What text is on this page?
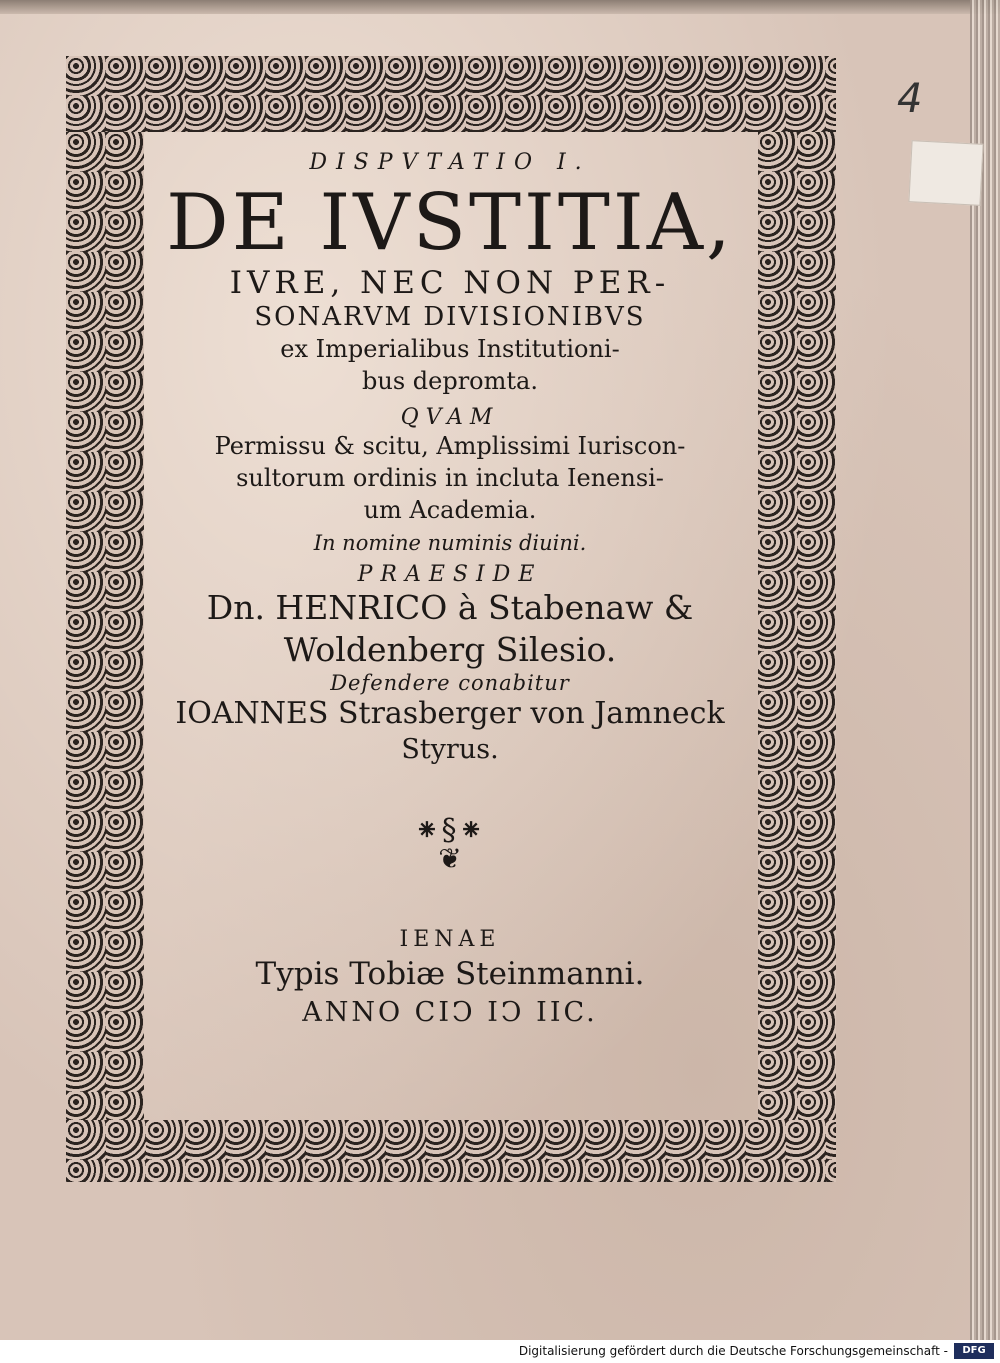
4
DISPVTATIO I.
DE IVSTITIA,
IVRE, NEC NON PER-
SONARVM DIVISIONIBVS
ex Imperialibus Institutioni-
bus depromta.
QVAM
Permissu & scitu, Amplissimi Iuriscon-
sultorum ordinis in incluta Ienensi-
um Academia.
In nomine numinis diuini.
PRAESIDE
Dn. HENRICO à Stabenaw &
Woldenberg Silesio.
Defendere conabitur
IOANNES Strasberger von Jamneck
Styrus.
⁕§⁕
❦
IENAE
Typis Tobiæ Steinmanni.
ANNO CIↃ IↃ IIC.
Digitalisierung gefördert durch die Deutsche Forschungsgemeinschaft -	DFG
